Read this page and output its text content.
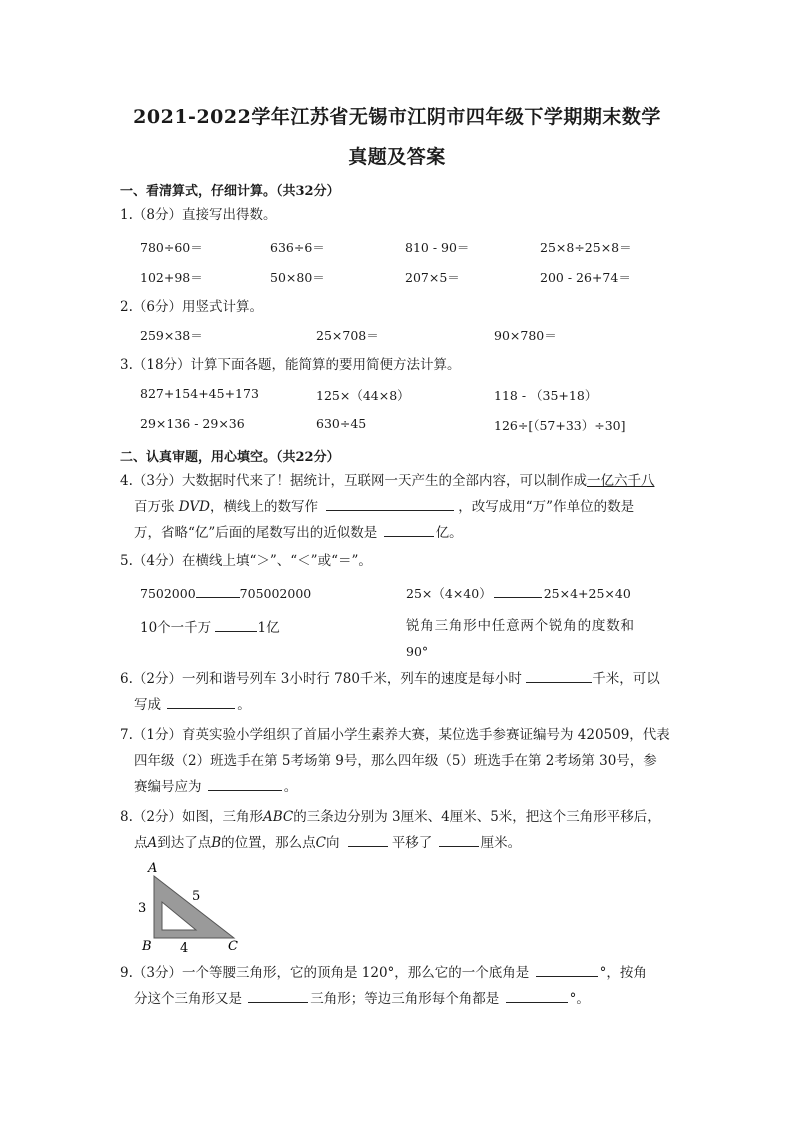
2021-2022学年江苏省无锡市江阴市四年级下学期期末数学
真题及答案
一、看清算式，仔细计算。（共32分）
1.（8分）直接写出得数。
780÷60＝	636÷6＝	810 - 90＝	25×8÷25×8＝
102+98＝	50×80＝	207×5＝	200 - 26+74＝
2.（6分）用竖式计算。
259×38＝	25×708＝	90×780＝
3.（18分）计算下面各题，能简算的要用简便方法计算。
827+154+45+173	125×（44×8）	118 - （35+18）
29×136 - 29×36	630÷45	126÷[（57+33）÷30]
二、认真审题，用心填空。（共22分）
4.（3分）大数据时代来了！据统计，互联网一天产生的全部内容，可以制作成一亿六千八
百万张 DVD，横线上的数写作	，改写成用“万”作单位的数是
万，省略“亿”后面的尾数写出的近似数是	亿。
5.（4分）在横线上填“＞”、“＜”或“＝”。
7502000	705002000	25×（4×40）	25×4+25×40
10个一千万	1亿	锐角三角形中任意两个锐角的度数和
90°
6.（2分）一列和谐号列车 3小时行 780千米，列车的速度是每小时	千米，可以
写成	。
7.（1分）育英实验小学组织了首届小学生素养大赛，某位选手参赛证编号为 420509，代表
四年级（2）班选手在第 5考场第 9号，那么四年级（5）班选手在第 2考场第 30号，参
赛编号应为	。
8.（2分）如图，三角形ABC的三条边分别为 3厘米、4厘米、5米，把这个三角形平移后，
点A到达了点B的位置，那么点C向	平移了	厘米。
A
B	C
3
4
5
9.（3分）一个等腰三角形，它的顶角是 120°，那么它的一个底角是	°，按角
分这个三角形又是	三角形；等边三角形每个角都是	°。
